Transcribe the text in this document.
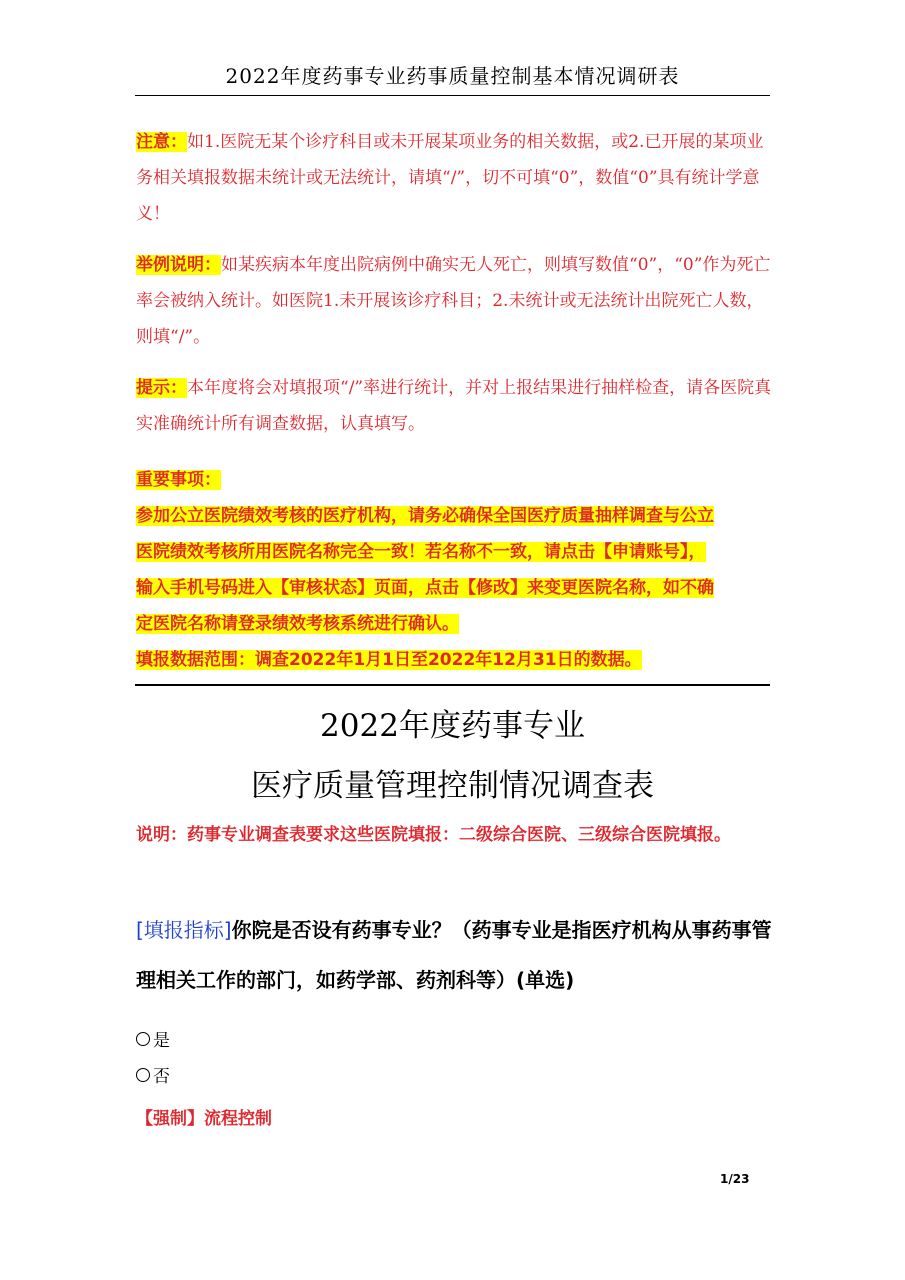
2022年度药事专业药事质量控制基本情况调研表
注意：如1.医院无某个诊疗科目或未开展某项业务的相关数据，或2.已开展的某项业务相关填报数据未统计或无法统计，请填“/”，切不可填“0”，数值“0”具有统计学意义！
举例说明：如某疾病本年度出院病例中确实无人死亡，则填写数值“0”，“0”作为死亡率会被纳入统计。如医院1.未开展该诊疗科目；2.未统计或无法统计出院死亡人数，则填“/”。
提示：本年度将会对填报项“/”率进行统计，并对上报结果进行抽样检查，请各医院真实准确统计所有调查数据，认真填写。
重要事项：
参加公立医院绩效考核的医疗机构，请务必确保全国医疗质量抽样调查与公立
医院绩效考核所用医院名称完全一致！若名称不一致，请点击【申请账号】，
输入手机号码进入【审核状态】页面，点击【修改】来变更医院名称，如不确
定医院名称请登录绩效考核系统进行确认。
填报数据范围：调查2022年1月1日至2022年12月31日的数据。
2022年度药事专业
医疗质量管理控制情况调查表
说明：药事专业调查表要求这些医院填报：二级综合医院、三级综合医院填报。
[填报指标]你院是否设有药事专业？（药事专业是指医疗机构从事药事管理相关工作的部门，如药学部、药剂科等）(单选)
是
否
【强制】流程控制
1/23
